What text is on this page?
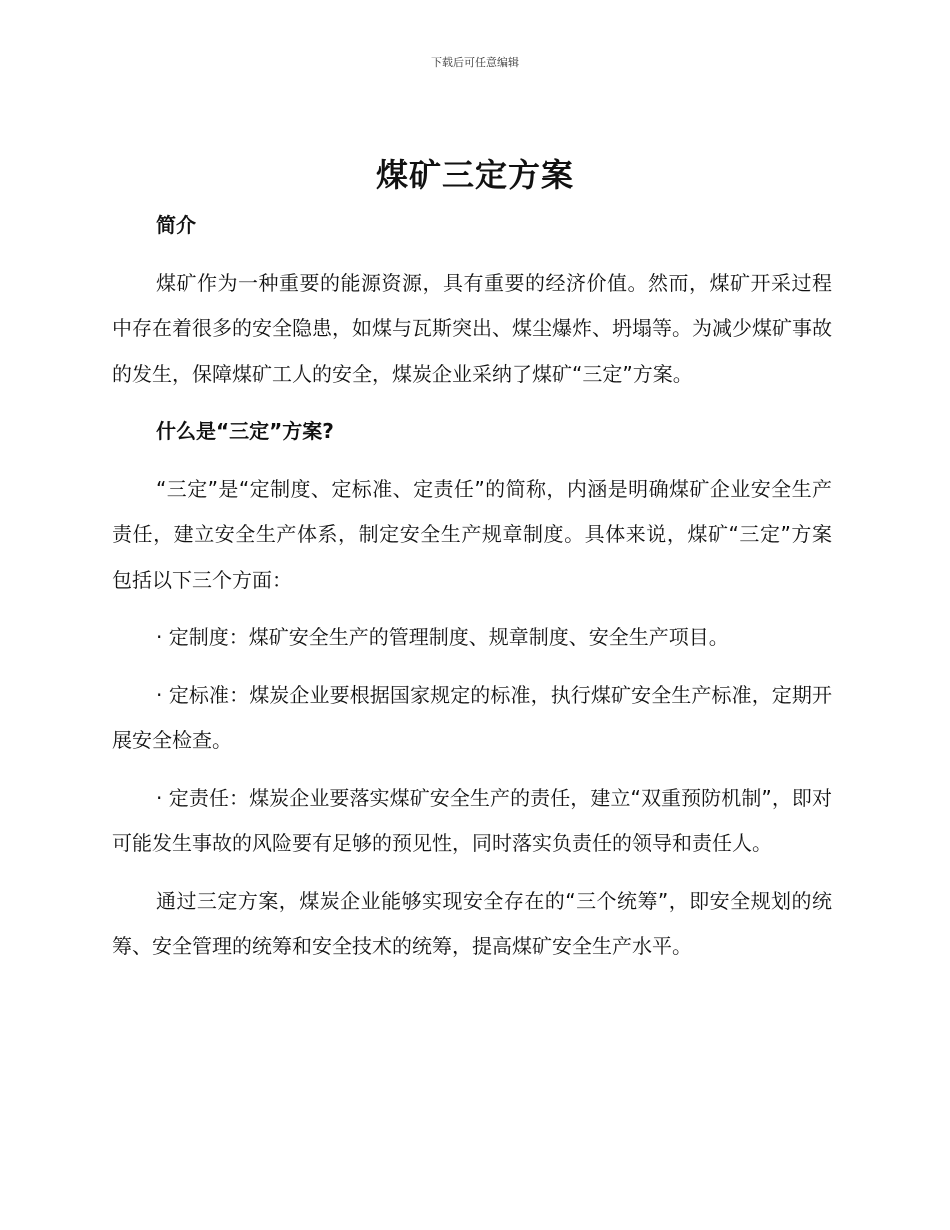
下载后可任意编辑
煤矿三定方案

简介

煤矿作为一种重要的能源资源，具有重要的经济价值。然而，煤矿开采过程中存在着很多的安全隐患，如煤与瓦斯突出、煤尘爆炸、坍塌等。为减少煤矿事故的发生，保障煤矿工人的安全，煤炭企业采纳了煤矿“三定”方案。

什么是“三定”方案?

“三定”是“定制度、定标准、定责任”的简称，内涵是明确煤矿企业安全生产责任，建立安全生产体系，制定安全生产规章制度。具体来说，煤矿“三定”方案包括以下三个方面：

· 定制度：煤矿安全生产的管理制度、规章制度、安全生产项目。

· 定标准：煤炭企业要根据国家规定的标准，执行煤矿安全生产标准，定期开展安全检查。

· 定责任：煤炭企业要落实煤矿安全生产的责任，建立“双重预防机制”，即对可能发生事故的风险要有足够的预见性，同时落实负责任的领导和责任人。

通过三定方案，煤炭企业能够实现安全存在的“三个统筹”，即安全规划的统筹、安全管理的统筹和安全技术的统筹，提高煤矿安全生产水平。
